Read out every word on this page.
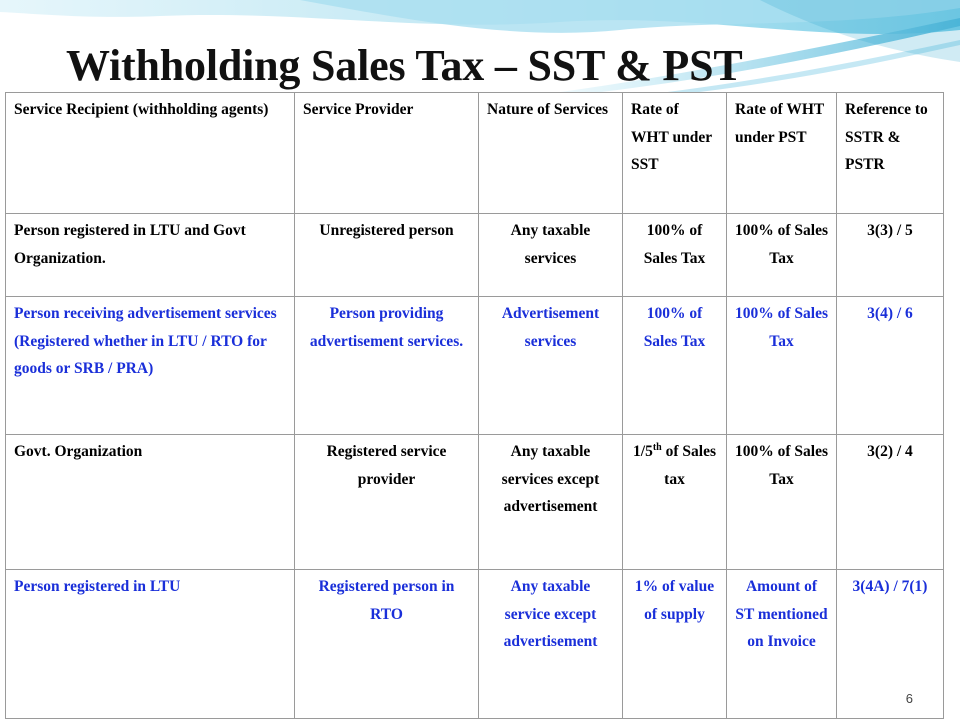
Withholding Sales Tax – SST & PST
Service Recipient (withholding agents)	Service Provider	Nature of Services	Rate of WHT under SST	Rate of WHT under PST	Reference to SSTR & PSTR
Person registered in LTU and Govt Organization.	Unregistered person	Any taxable services	100% of Sales Tax	100% of Sales Tax	3(3) / 5
Person receiving advertisement services (Registered whether in LTU / RTO for goods or SRB / PRA)	Person providing advertisement services.	Advertisement services	100% of Sales Tax	100% of Sales Tax	3(4) / 6
Govt. Organization	Registered service provider	Any taxable services except advertisement	1/5th of Sales tax	100% of Sales Tax	3(2) / 4
Person registered in LTU	Registered person in RTO	Any taxable service except advertisement	1% of value of supply	Amount of ST mentioned on Invoice	3(4A) / 7(1)
6
